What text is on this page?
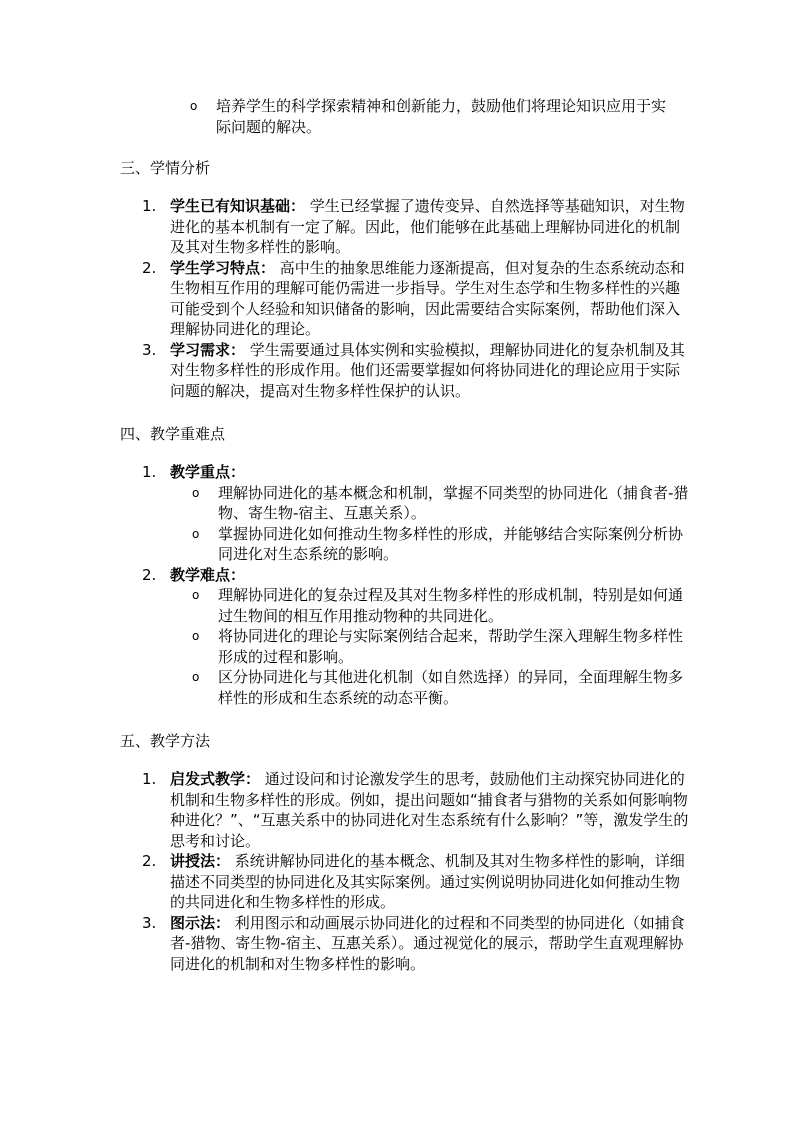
o 培养学生的科学探索精神和创新能力，鼓励他们将理论知识应用于实际问题的解决。
三、学情分析
1. 学生已有知识基础： 学生已经掌握了遗传变异、自然选择等基础知识，对生物进化的基本机制有一定了解。因此，他们能够在此基础上理解协同进化的机制及其对生物多样性的影响。
2. 学生学习特点： 高中生的抽象思维能力逐渐提高，但对复杂的生态系统动态和生物相互作用的理解可能仍需进一步指导。学生对生态学和生物多样性的兴趣可能受到个人经验和知识储备的影响，因此需要结合实际案例，帮助他们深入理解协同进化的理论。
3. 学习需求： 学生需要通过具体实例和实验模拟，理解协同进化的复杂机制及其对生物多样性的形成作用。他们还需要掌握如何将协同进化的理论应用于实际问题的解决，提高对生物多样性保护的认识。
四、教学重难点
1. 教学重点：
o 理解协同进化的基本概念和机制，掌握不同类型的协同进化（捕食者-猎物、寄生物-宿主、互惠关系）。
o 掌握协同进化如何推动生物多样性的形成，并能够结合实际案例分析协同进化对生态系统的影响。
2. 教学难点：
o 理解协同进化的复杂过程及其对生物多样性的形成机制，特别是如何通过生物间的相互作用推动物种的共同进化。
o 将协同进化的理论与实际案例结合起来，帮助学生深入理解生物多样性形成的过程和影响。
o 区分协同进化与其他进化机制（如自然选择）的异同，全面理解生物多样性的形成和生态系统的动态平衡。
五、教学方法
1. 启发式教学： 通过设问和讨论激发学生的思考，鼓励他们主动探究协同进化的机制和生物多样性的形成。例如，提出问题如“捕食者与猎物的关系如何影响物种进化？”、“互惠关系中的协同进化对生态系统有什么影响？”等，激发学生的思考和讨论。
2. 讲授法： 系统讲解协同进化的基本概念、机制及其对生物多样性的影响，详细描述不同类型的协同进化及其实际案例。通过实例说明协同进化如何推动生物的共同进化和生物多样性的形成。
3. 图示法： 利用图示和动画展示协同进化的过程和不同类型的协同进化（如捕食者-猎物、寄生物-宿主、互惠关系）。通过视觉化的展示，帮助学生直观理解协同进化的机制和对生物多样性的影响。
